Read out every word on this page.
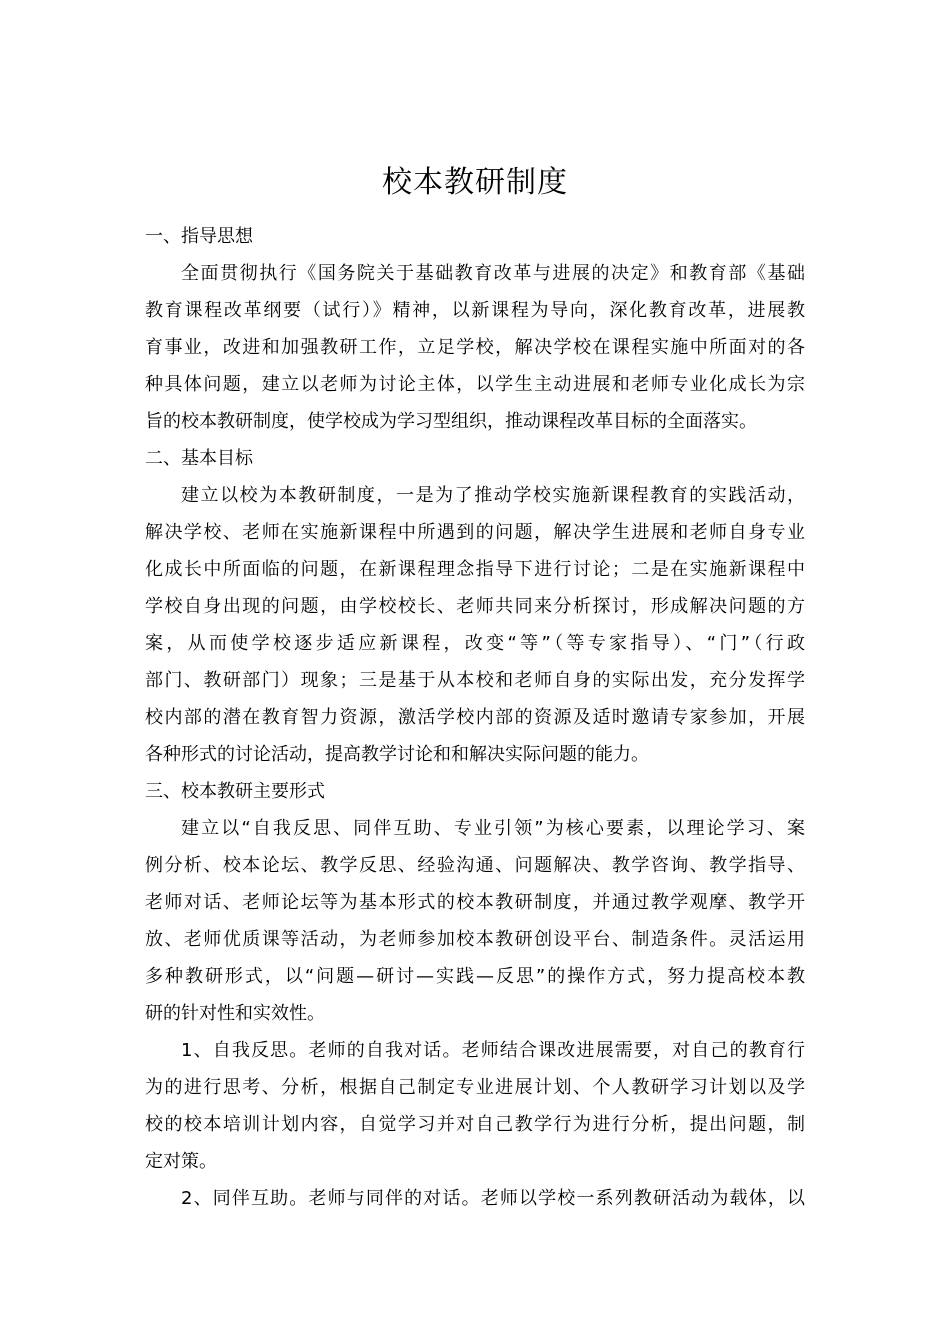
校本教研制度
一、指导思想
全面贯彻执行《国务院关于基础教育改革与进展的决定》和教育部《基础
教育课程改革纲要（试行）》精神，以新课程为导向，深化教育改革，进展教
育事业，改进和加强教研工作，立足学校，解决学校在课程实施中所面对的各
种具体问题，建立以老师为讨论主体，以学生主动进展和老师专业化成长为宗
旨的校本教研制度，使学校成为学习型组织，推动课程改革目标的全面落实。
二、基本目标
建立以校为本教研制度，一是为了推动学校实施新课程教育的实践活动，
解决学校、老师在实施新课程中所遇到的问题，解决学生进展和老师自身专业
化成长中所面临的问题，在新课程理念指导下进行讨论；二是在实施新课程中
学校自身出现的问题，由学校校长、老师共同来分析探讨，形成解决问题的方
案，从而使学校逐步适应新课程，改变“等”（等专家指导）、“门”（行政
部门、教研部门）现象；三是基于从本校和老师自身的实际出发，充分发挥学
校内部的潜在教育智力资源，激活学校内部的资源及适时邀请专家参加，开展
各种形式的讨论活动，提高教学讨论和和解决实际问题的能力。
三、校本教研主要形式
建立以“自我反思、同伴互助、专业引领”为核心要素，以理论学习、案
例分析、校本论坛、教学反思、经验沟通、问题解决、教学咨询、教学指导、
老师对话、老师论坛等为基本形式的校本教研制度，并通过教学观摩、教学开
放、老师优质课等活动，为老师参加校本教研创设平台、制造条件。灵活运用
多种教研形式，以“问题—研讨—实践—反思”的操作方式，努力提高校本教
研的针对性和实效性。
1、自我反思。老师的自我对话。老师结合课改进展需要，对自己的教育行
为的进行思考、分析，根据自己制定专业进展计划、个人教研学习计划以及学
校的校本培训计划内容，自觉学习并对自己教学行为进行分析，提出问题，制
定对策。
2、同伴互助。老师与同伴的对话。老师以学校一系列教研活动为载体，以
